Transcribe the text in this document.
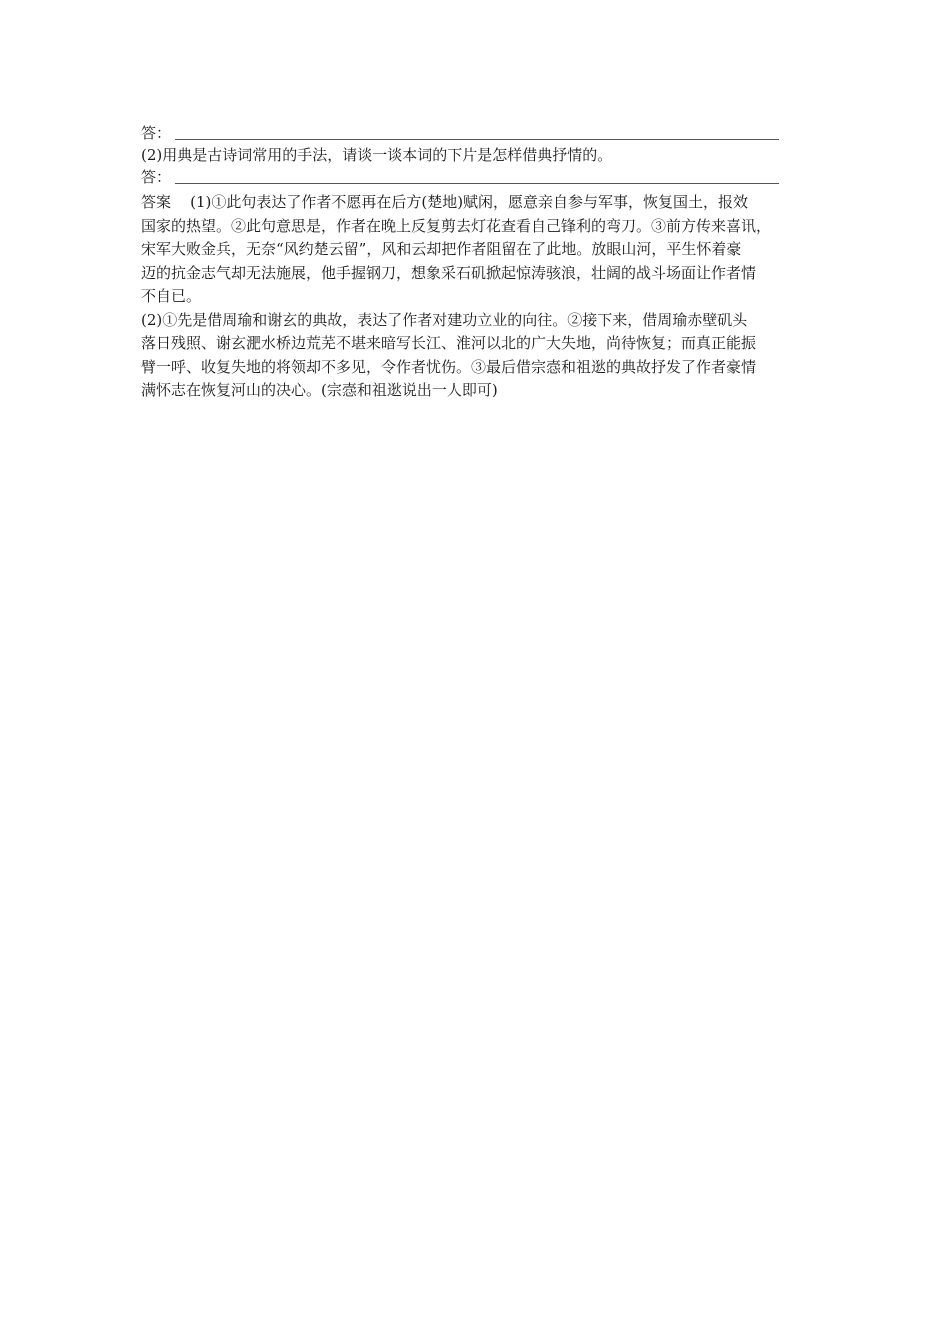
答：
(2)用典是古诗词常用的手法，请谈一谈本词的下片是怎样借典抒情的。
答：
答案 (1)①此句表达了作者不愿再在后方(楚地)赋闲，愿意亲自参与军事，恢复国土，报效
国家的热望。②此句意思是，作者在晚上反复剪去灯花查看自己锋利的弯刀。③前方传来喜讯，
宋军大败金兵，无奈“风约楚云留”，风和云却把作者阻留在了此地。放眼山河，平生怀着豪
迈的抗金志气却无法施展，他手握钢刀，想象采石矶掀起惊涛骇浪，壮阔的战斗场面让作者情
不自已。
(2)①先是借周瑜和谢玄的典故，表达了作者对建功立业的向往。②接下来，借周瑜赤壁矶头
落日残照、谢玄淝水桥边荒芜不堪来暗写长江、淮河以北的广大失地，尚待恢复；而真正能振
臂一呼、收复失地的将领却不多见，令作者忧伤。③最后借宗悫和祖逖的典故抒发了作者豪情
满怀志在恢复河山的决心。(宗悫和祖逖说出一人即可)
